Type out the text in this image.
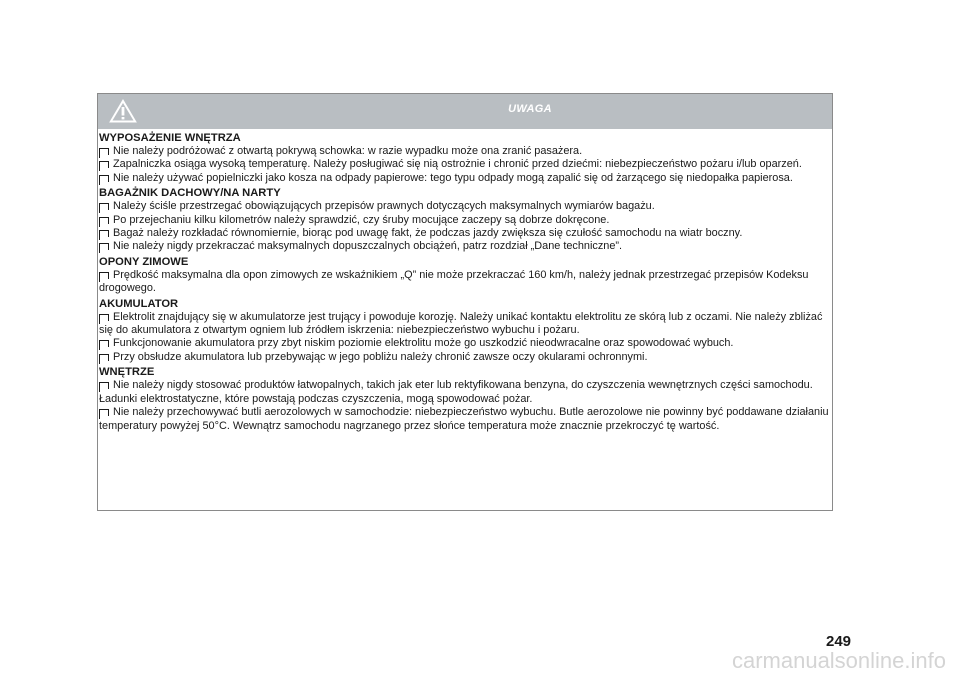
UWAGA
WYPOSAŻENIE WNĘTRZA
Nie należy podróżować z otwartą pokrywą schowka: w razie wypadku może ona zranić pasażera.
Zapalniczka osiąga wysoką temperaturę. Należy posługiwać się nią ostrożnie i chronić przed dziećmi: niebezpieczeństwo pożaru i/lub oparzeń.
Nie należy używać popielniczki jako kosza na odpady papierowe: tego typu odpady mogą zapalić się od żarzącego się niedopałka papierosa.
BAGAŻNIK DACHOWY/NA NARTY
Należy ściśle przestrzegać obowiązujących przepisów prawnych dotyczących maksymalnych wymiarów bagażu.
Po przejechaniu kilku kilometrów należy sprawdzić, czy śruby mocujące zaczepy są dobrze dokręcone.
Bagaż należy rozkładać równomiernie, biorąc pod uwagę fakt, że podczas jazdy zwiększa się czułość samochodu na wiatr boczny.
Nie należy nigdy przekraczać maksymalnych dopuszczalnych obciążeń, patrz rozdział „Dane techniczne”.
OPONY ZIMOWE
Prędkość maksymalna dla opon zimowych ze wskaźnikiem „Q” nie może przekraczać 160 km/h, należy jednak przestrzegać przepisów Kodeksu drogowego.
AKUMULATOR
Elektrolit znajdujący się w akumulatorze jest trujący i powoduje korozję. Należy unikać kontaktu elektrolitu ze skórą lub z oczami. Nie należy zbliżać się do akumulatora z otwartym ogniem lub źródłem iskrzenia: niebezpieczeństwo wybuchu i pożaru.
Funkcjonowanie akumulatora przy zbyt niskim poziomie elektrolitu może go uszkodzić nieodwracalne oraz spowodować wybuch.
Przy obsłudze akumulatora lub przebywając w jego pobliżu należy chronić zawsze oczy okularami ochronnymi.
WNĘTRZE
Nie należy nigdy stosować produktów łatwopalnych, takich jak eter lub rektyfikowana benzyna, do czyszczenia wewnętrznych części samochodu. Ładunki elektrostatyczne, które powstają podczas czyszczenia, mogą spowodować pożar.
Nie należy przechowywać butli aerozolowych w samochodzie: niebezpieczeństwo wybuchu. Butle aerozolowe nie powinny być poddawane działaniu temperatury powyżej 50°C. Wewnątrz samochodu nagrzanego przez słońce temperatura może znacznie przekroczyć tę wartość.
249
carmanualsonline.info
